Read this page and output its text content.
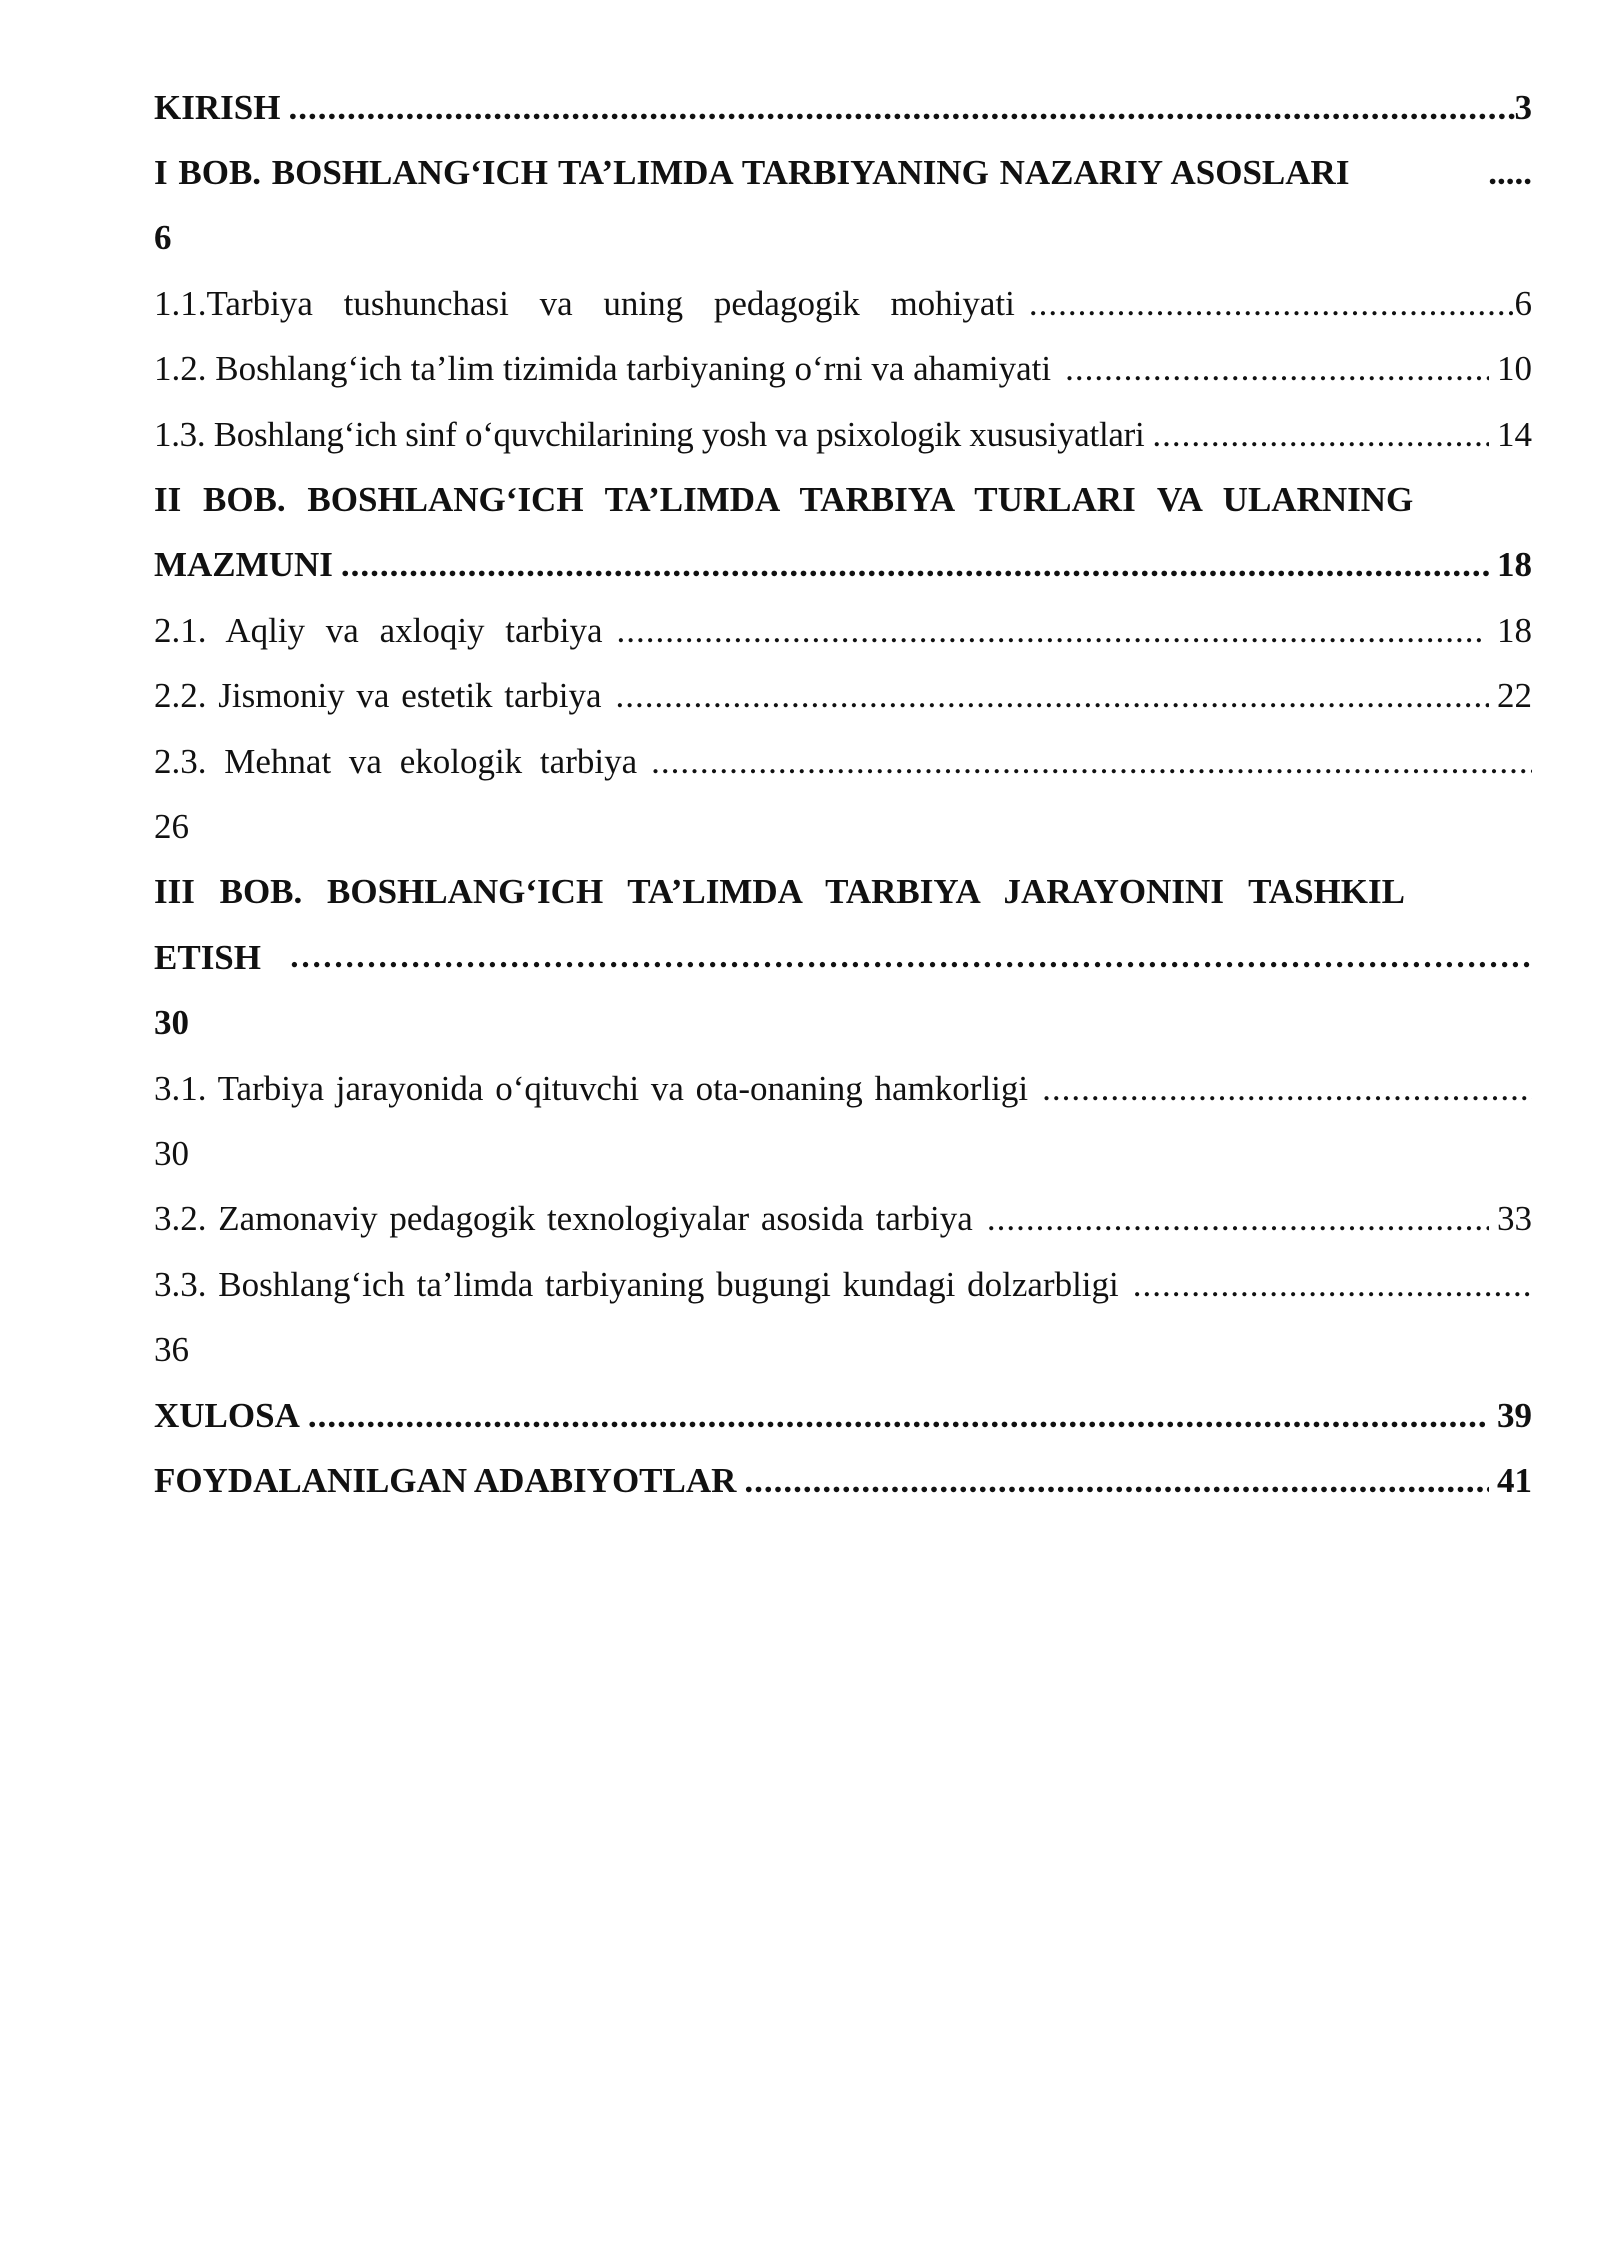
KIRISH .....	3
I BOB. BOSHLANG‘ICH TA’LIMDA TARBIYANING NAZARIY ASOSLARI	.....
6
1.1.Tarbiya tushunchasi va uning pedagogik mohiyati .....	6
1.2. Boshlang‘ich ta’lim tizimida tarbiyaning o‘rni va ahamiyati .....	10
1.3. Boshlang‘ich sinf o‘quvchilarining yosh va psixologik xususiyatlari .....	14
II BOB. BOSHLANG‘ICH TA’LIMDA TARBIYA TURLARI VA ULARNING
MAZMUNI .....	18
2.1. Aqliy va axloqiy tarbiya .....	18
2.2. Jismoniy va estetik tarbiya .....	22
2.3. Mehnat va ekologik tarbiya
.....
26
III BOB. BOSHLANG‘ICH TA’LIMDA TARBIYA JARAYONINI TASHKIL
ETISH
………………………………………………………………………………………………………………………………………………………
30
3.1. Tarbiya jarayonida o‘qituvchi va ota-onaning hamkorligi
.....
30
3.2. Zamonaviy pedagogik texnologiyalar asosida tarbiya .....	33
3.3. Boshlang‘ich ta’limda tarbiyaning bugungi kundagi dolzarbligi
.....
36
XULOSA .....	39
FOYDALANILGAN ADABIYOTLAR .....	41
